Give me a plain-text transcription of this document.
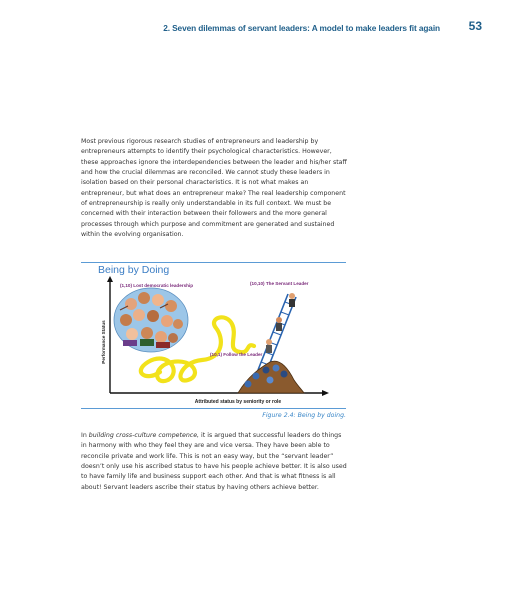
2. Seven dilemmas of servant leaders: A model to make leaders fit again 53
Most previous rigorous research studies of entrepreneurs and leadership by entrepreneurs attempts to identify their psychological characteristics. However, these approaches ignore the interdependencies between the leader and his/her staff and how the crucial dilemmas are reconciled. We cannot study these leaders in isolation based on their personal characteristics. It is not what makes an entrepreneur, but what does an entrepreneur make? The real leadership component of entrepreneurship is really only understandable in its full context. We must be concerned with their interaction between their followers and the more general processes through which purpose and commitment are generated and sustained within the evolving organisation.
Being by Doing
Performance Status
Attributed status by seniority or role
(1,10) Lost democratic leadership	(10,10) The Servant Leader
(10,1) Follow the Leader
Figure 2.4: Being by doing.
In building cross-culture competence, it is argued that successful leaders do things in harmony with who they feel they are and vice versa. They have been able to reconcile private and work life. This is not an easy way, but the “servant leader” doesn’t only use his ascribed status to have his people achieve better. It is also used to have family life and business support each other. And that is what fitness is all about! Servant leaders ascribe their status by having others achieve better.
